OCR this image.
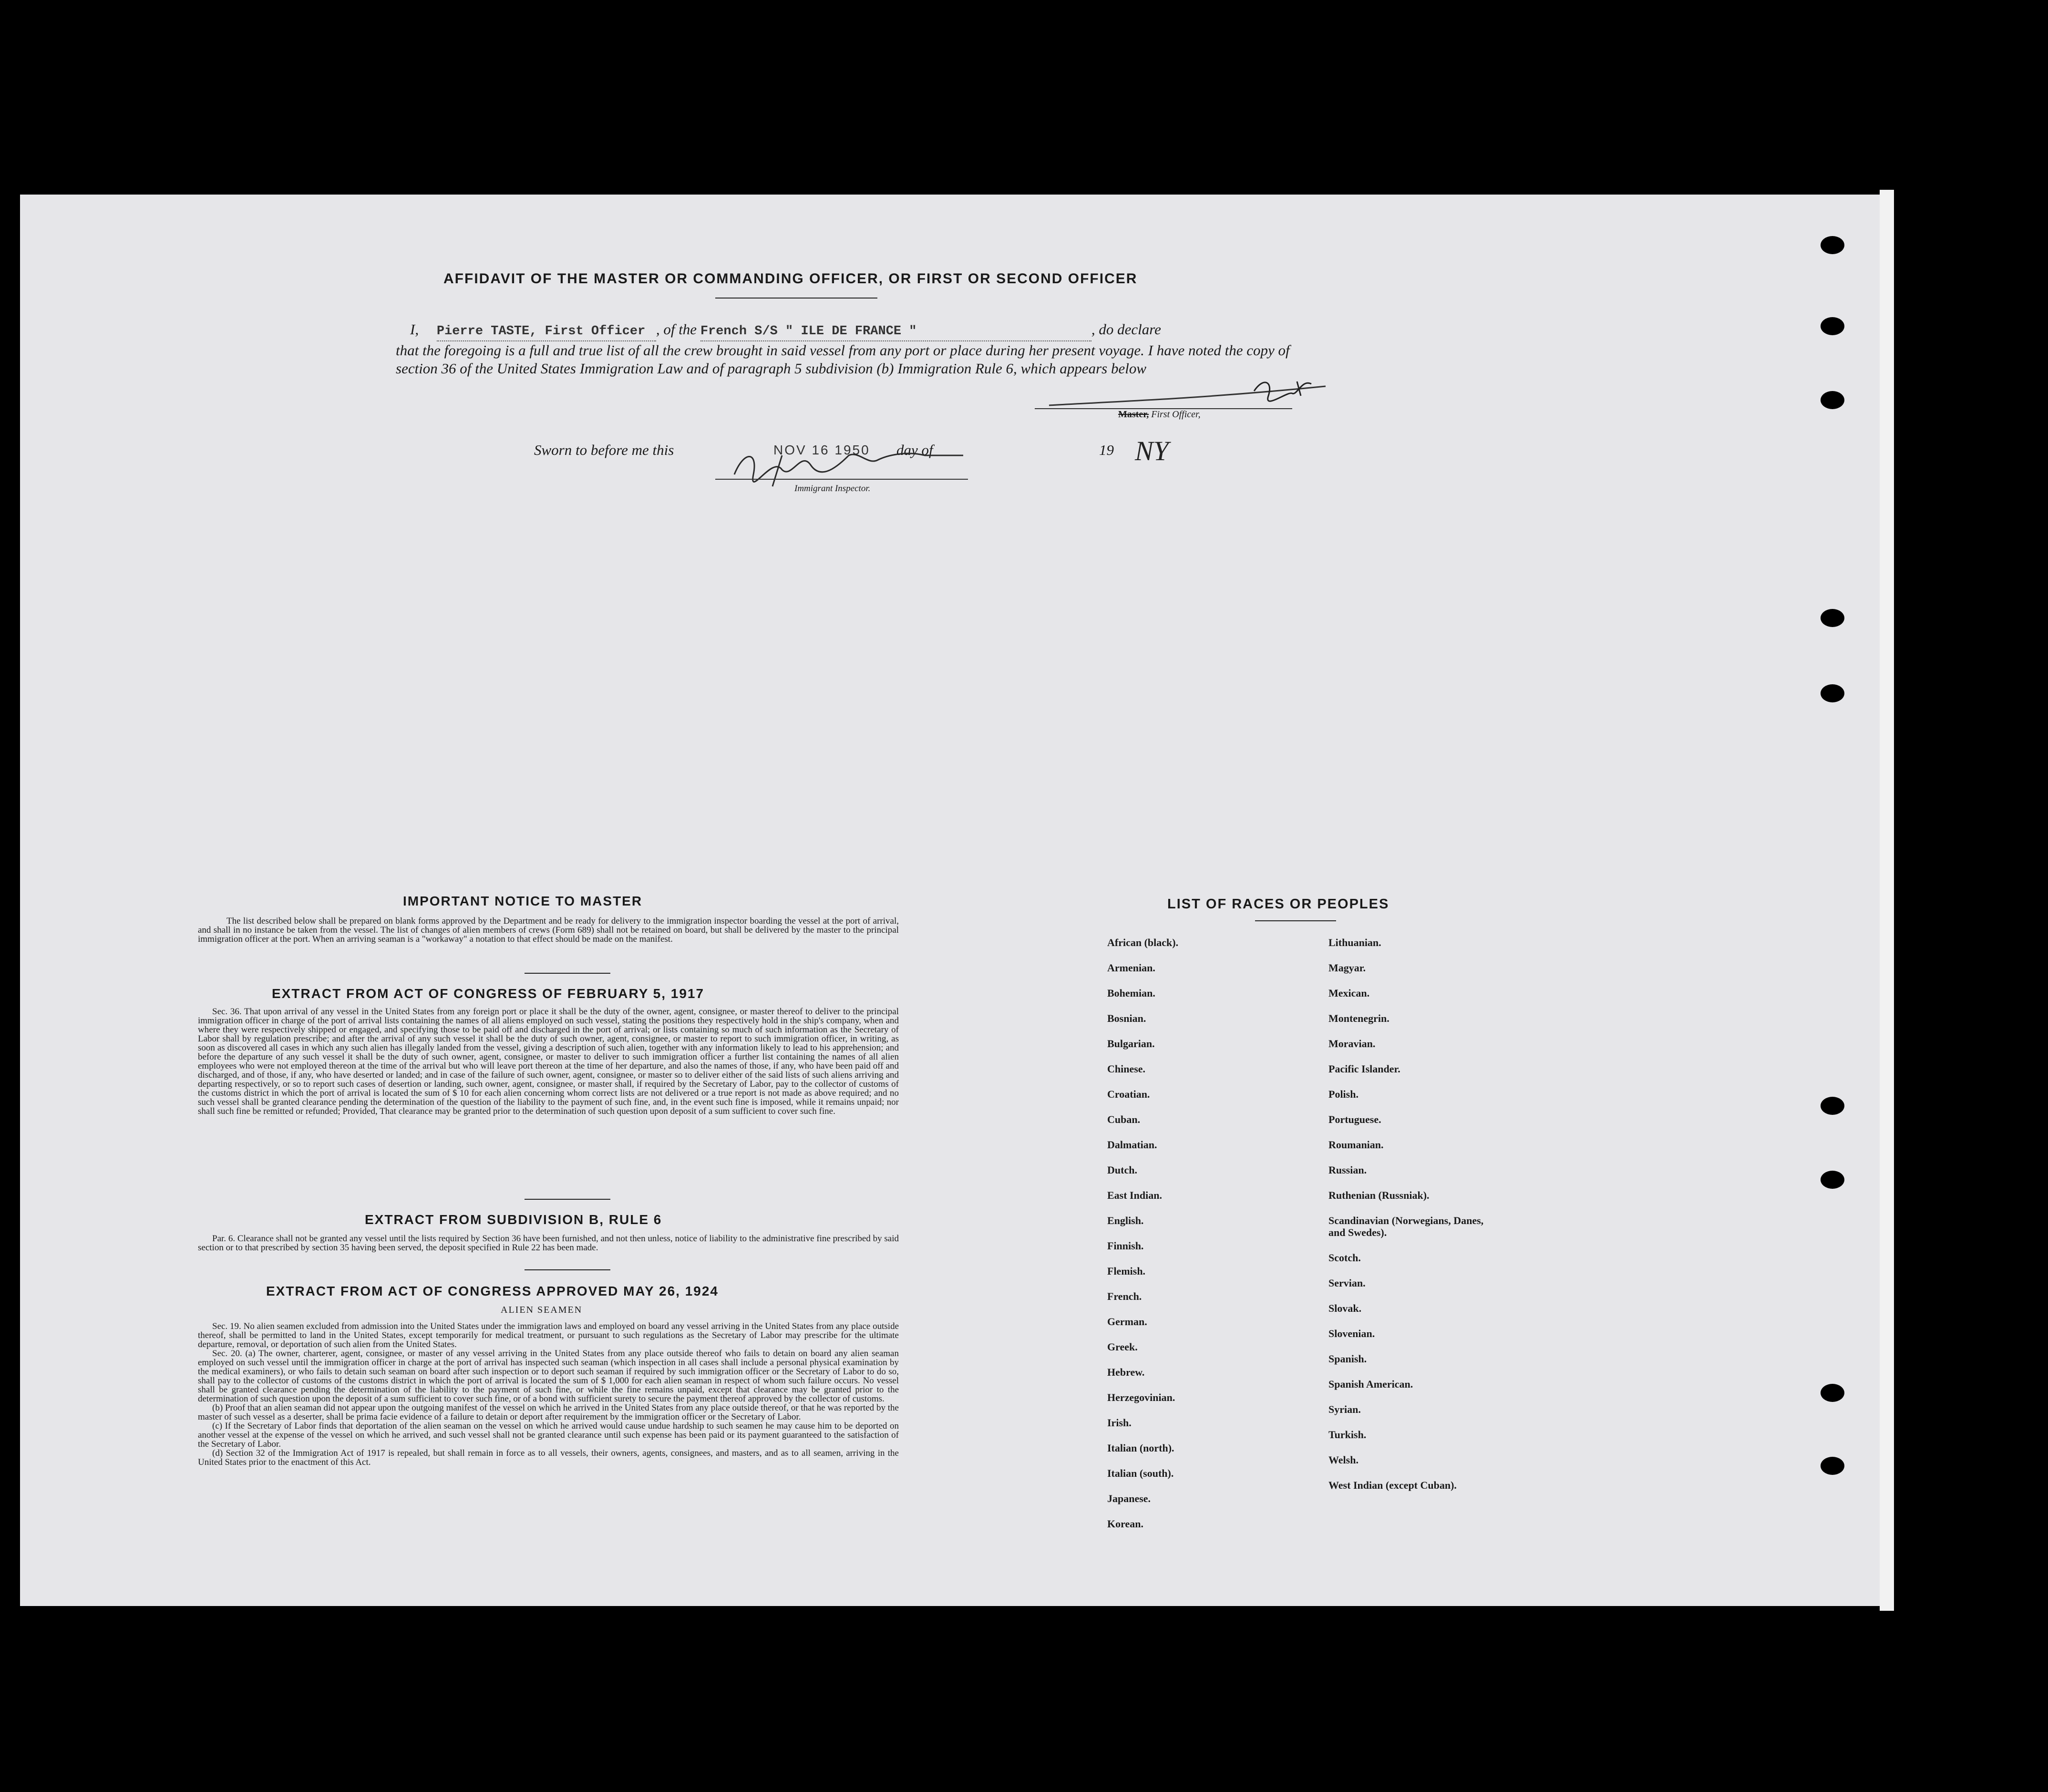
AFFIDAVIT OF THE MASTER OR COMMANDING OFFICER, OR FIRST OR SECOND OFFICER
I, Pierre TASTE, First Officer , of the French S/S " ILE DE FRANCE "	, do declare
that the foregoing is a full and true list of all the crew brought in said vessel from any port or place during her present voyage. I have noted the copy of section 36 of the United States Immigration Law and of paragraph 5 subdivision (b) Immigration Rule 6, which appears below
Master, First Officer,
Sworn to before me this	NOV 16 1950 day of	19 NY
Immigrant Inspector.
IMPORTANT NOTICE TO MASTER

The list described below shall be prepared on blank forms approved by the Department and be ready for delivery to the immigration inspector boarding the vessel at the port of arrival, and shall in no instance be taken from the vessel. The list of changes of alien members of crews (Form 689) shall not be retained on board, but shall be delivered by the master to the principal immigration officer at the port. When an arriving seaman is a "workaway" a notation to that effect should be made on the manifest.

EXTRACT FROM ACT OF CONGRESS OF FEBRUARY 5, 1917

Sec. 36. That upon arrival of any vessel in the United States from any foreign port or place it shall be the duty of the owner, agent, consignee, or master thereof to deliver to the principal immigration officer in charge of the port of arrival lists containing the names of all aliens employed on such vessel, stating the positions they respectively hold in the ship's company, when and where they were respectively shipped or engaged, and specifying those to be paid off and discharged in the port of arrival; or lists containing so much of such information as the Secretary of Labor shall by regulation prescribe; and after the arrival of any such vessel it shall be the duty of such owner, agent, consignee, or master to report to such immigration officer, in writing, as soon as discovered all cases in which any such alien has illegally landed from the vessel, giving a description of such alien, together with any information likely to lead to his apprehension; and before the departure of any such vessel it shall be the duty of such owner, agent, consignee, or master to deliver to such immigration officer a further list containing the names of all alien employees who were not employed thereon at the time of the arrival but who will leave port thereon at the time of her departure, and also the names of those, if any, who have been paid off and discharged, and of those, if any, who have deserted or landed; and in case of the failure of such owner, agent, consignee, or master so to deliver either of the said lists of such aliens arriving and departing respectively, or so to report such cases of desertion or landing, such owner, agent, consignee, or master shall, if required by the Secretary of Labor, pay to the collector of customs of the customs district in which the port of arrival is located the sum of $ 10 for each alien concerning whom correct lists are not delivered or a true report is not made as above required; and no such vessel shall be granted clearance pending the determination of the question of the liability to the payment of such fine, and, in the event such fine is imposed, while it remains unpaid; nor shall such fine be remitted or refunded; Provided, That clearance may be granted prior to the determination of such question upon deposit of a sum sufficient to cover such fine.

EXTRACT FROM SUBDIVISION B, RULE 6

Par. 6. Clearance shall not be granted any vessel until the lists required by Section 36 have been furnished, and not then unless, notice of liability to the administrative fine prescribed by said section or to that prescribed by section 35 having been served, the deposit specified in Rule 22 has been made.

EXTRACT FROM ACT OF CONGRESS APPROVED MAY 26, 1924
ALIEN SEAMEN

Sec. 19. No alien seamen excluded from admission into the United States under the immigration laws and employed on board any vessel arriving in the United States from any place outside thereof, shall be permitted to land in the United States, except temporarily for medical treatment, or pursuant to such regulations as the Secretary of Labor may prescribe for the ultimate departure, removal, or deportation of such alien from the United States.

Sec. 20. (a) The owner, charterer, agent, consignee, or master of any vessel arriving in the United States from any place outside thereof who fails to detain on board any alien seaman employed on such vessel until the immigration officer in charge at the port of arrival has inspected such seaman (which inspection in all cases shall include a personal physical examination by the medical examiners), or who fails to detain such seaman on board after such inspection or to deport such seaman if required by such immigration officer or the Secretary of Labor to do so, shall pay to the collector of customs of the customs district in which the port of arrival is located the sum of $ 1,000 for each alien seaman in respect of whom such failure occurs. No vessel shall be granted clearance pending the determination of the liability to the payment of such fine, or while the fine remains unpaid, except that clearance may be granted prior to the determination of such question upon the deposit of a sum sufficient to cover such fine, or of a bond with sufficient surety to secure the payment thereof approved by the collector of customs.

(b) Proof that an alien seaman did not appear upon the outgoing manifest of the vessel on which he arrived in the United States from any place outside thereof, or that he was reported by the master of such vessel as a deserter, shall be prima facie evidence of a failure to detain or deport after requirement by the immigration officer or the Secretary of Labor.

(c) If the Secretary of Labor finds that deportation of the alien seaman on the vessel on which he arrived would cause undue hardship to such seamen he may cause him to be deported on another vessel at the expense of the vessel on which he arrived, and such vessel shall not be granted clearance until such expense has been paid or its payment guaranteed to the satisfaction of the Secretary of Labor.

(d) Section 32 of the Immigration Act of 1917 is repealed, but shall remain in force as to all vessels, their owners, agents, consignees, and masters, and as to all seamen, arriving in the United States prior to the enactment of this Act.

LIST OF RACES OR PEOPLES
African (black).
Armenian.
Bohemian.
Bosnian.
Bulgarian.
Chinese.
Croatian.
Cuban.
Dalmatian.
Dutch.
East Indian.
English.
Finnish.
Flemish.
French.
German.
Greek.
Hebrew.
Herzegovinian.
Irish.
Italian (north).
Italian (south).
Japanese.
Korean.
Lithuanian.
Magyar.
Mexican.
Montenegrin.
Moravian.
Pacific Islander.
Polish.
Portuguese.
Roumanian.
Russian.
Ruthenian (Russniak).
Scandinavian (Norwegians, Danes, and Swedes).
Scotch.
Servian.
Slovak.
Slovenian.
Spanish.
Spanish American.
Syrian.
Turkish.
Welsh.
West Indian (except Cuban).
